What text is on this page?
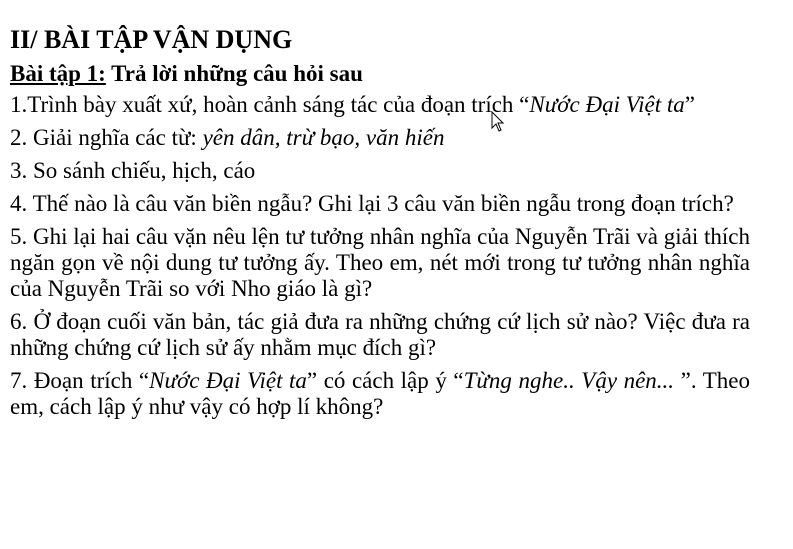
II/ BÀI TẬP VẬN DỤNG
Bài tập 1: Trả lời những câu hỏi sau
1.Trình bày xuất xứ, hoàn cảnh sáng tác của đoạn trích “Nước Đại Việt ta”
2. Giải nghĩa các từ: yên dân, trừ bạo, văn hiến
3. So sánh chiếu, hịch, cáo
4. Thế nào là câu văn biền ngẫu? Ghi lại 3 câu văn biền ngẫu trong đoạn trích?
5. Ghi lại hai câu vặn nêu lện tư tưởng nhân nghĩa của Nguyễn Trãi và giải thích ngăn gọn về nội dung tư tưởng ấy. Theo em, nét mới trong tư tưởng nhân nghĩa của Nguyễn Trãi so với Nho giáo là gì?
6. Ở đoạn cuối văn bản, tác giả đưa ra những chứng cứ lịch sử nào? Việc đưa ra những chứng cứ lịch sử ấy nhằm mục đích gì?
7. Đoạn trích “Nước Đại Việt ta” có cách lập ý “Từng nghe.. Vậy nên... ”. Theo em, cách lập ý như vậy có hợp lí không?
